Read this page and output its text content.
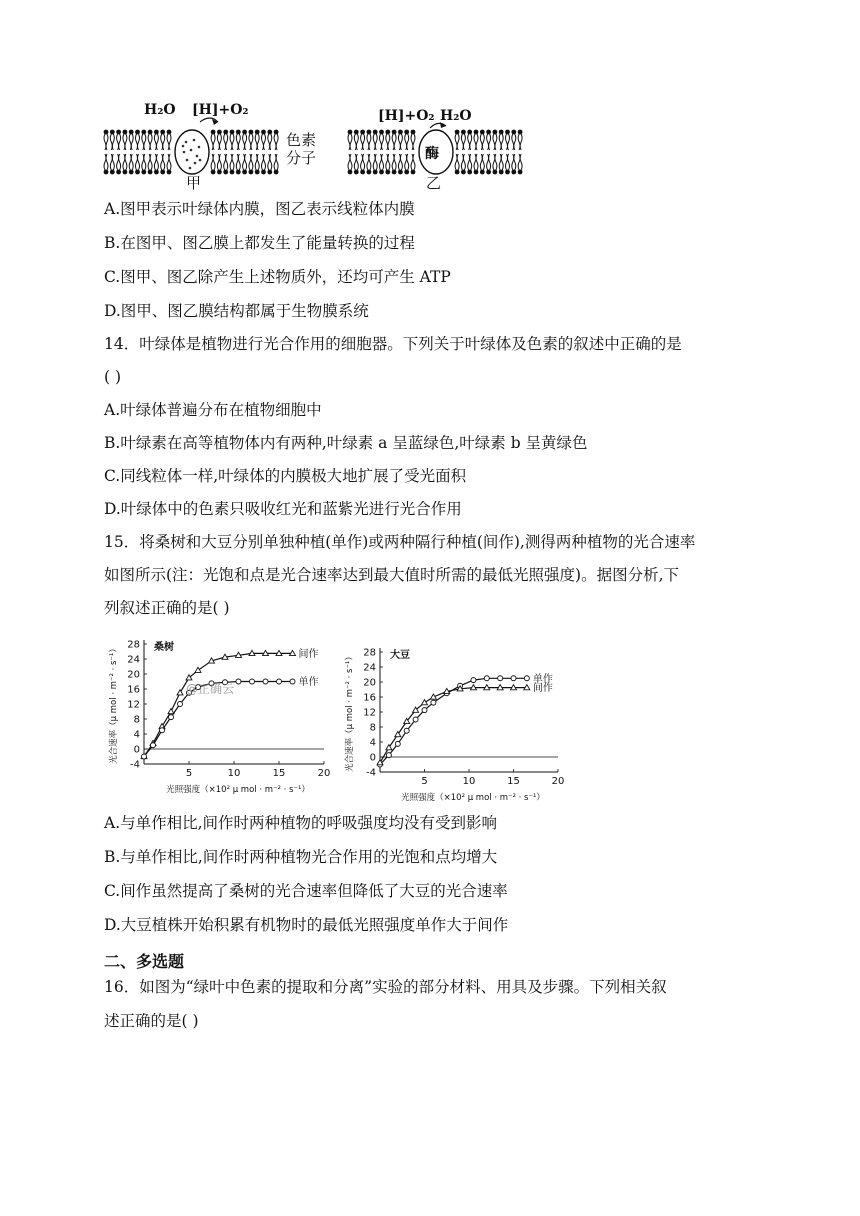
H₂O [H]+O₂
色素
分子
甲
[H]+O₂ H₂O
酶
乙
A.图甲表示叶绿体内膜，图乙表示线粒体内膜
B.在图甲、图乙膜上都发生了能量转换的过程
C.图甲、图乙除产生上述物质外，还均可产生 ATP
D.图甲、图乙膜结构都属于生物膜系统
14．叶绿体是植物进行光合作用的细胞器。下列关于叶绿体及色素的叙述中正确的是
( )
A.叶绿体普遍分布在植物细胞中
B.叶绿素在高等植物体内有两种,叶绿素 a 呈蓝绿色,叶绿素 b 呈黄绿色
C.同线粒体一样,叶绿体的内膜极大地扩展了受光面积
D.叶绿体中的色素只吸收红光和蓝紫光进行光合作用
15．将桑树和大豆分别单独种植(单作)或两种隔行种植(间作),测得两种植物的光合速率
如图所示(注：光饱和点是光合速率达到最大值时所需的最低光照强度)。据图分析,下
列叙述正确的是( )
-4
0
4
8
12
16
20
24
28
5	10	15	20
桑树
光照强度（×10² μ mol · m⁻² · s⁻¹）
光合速率（μ mol · m⁻² · s⁻¹）	间作
单作
-4
0
4
8
12
16
20
24
28
5	10	15	20
大豆
光照强度（×10² μ mol · m⁻² · s⁻¹）
光合速率（μ mol · m⁻² · s⁻¹）	单作
间作
@正确云
A.与单作相比,间作时两种植物的呼吸强度均没有受到影响
B.与单作相比,间作时两种植物光合作用的光饱和点均增大
C.间作虽然提高了桑树的光合速率但降低了大豆的光合速率
D.大豆植株开始积累有机物时的最低光照强度单作大于间作
二、多选题
16．如图为“绿叶中色素的提取和分离”实验的部分材料、用具及步骤。下列相关叙
述正确的是( )
